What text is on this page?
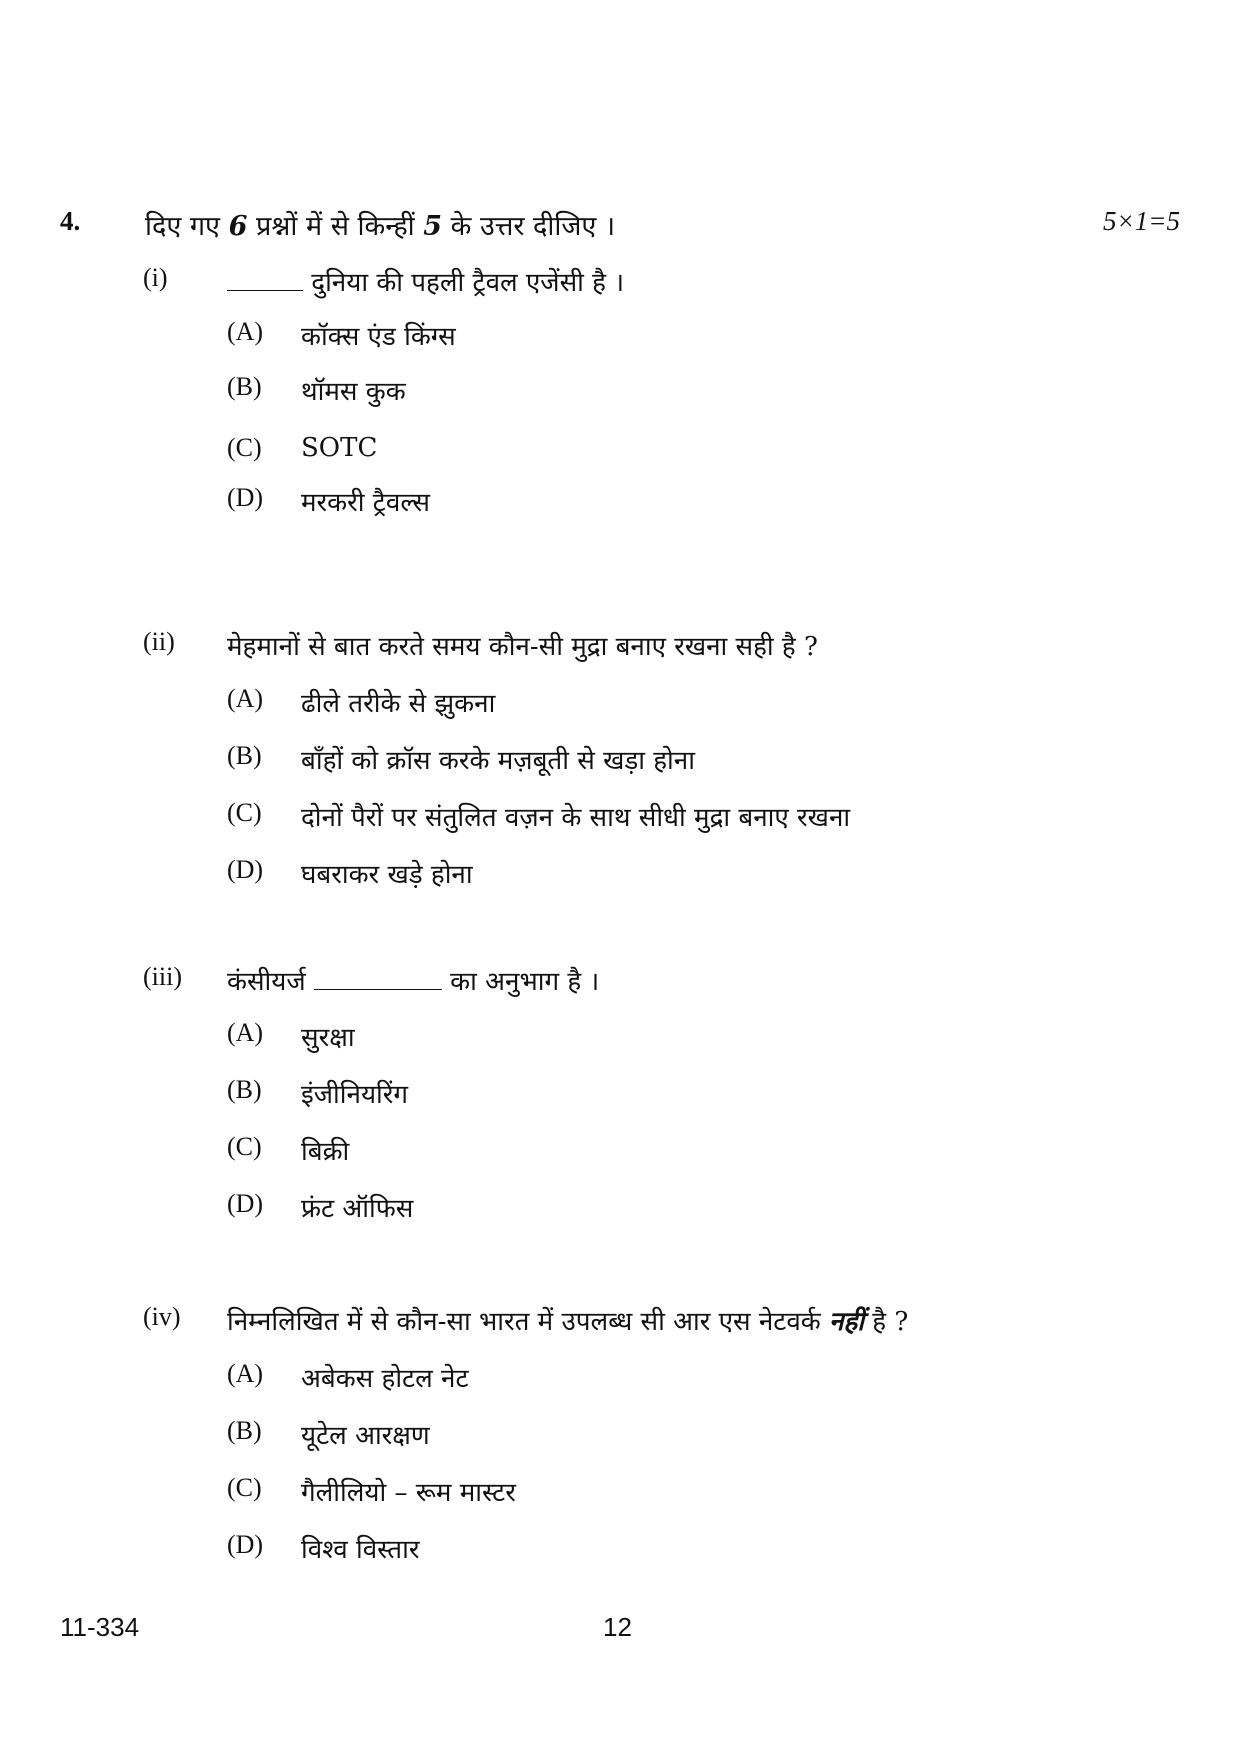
4. दिए गए 6 प्रश्नों में से किन्हीं 5 के उत्तर दीजिए ।	5×1=5
(i)	दुनिया की पहली ट्रैवल एजेंसी है ।
(A) कॉक्स एंड किंग्स
(B) थॉमस कुक
(C) SOTC
(D) मरकरी ट्रैवल्स
(ii) मेहमानों से बात करते समय कौन-सी मुद्रा बनाए रखना सही है ?
(A) ढीले तरीके से झुकना
(B) बाँहों को क्रॉस करके मज़बूती से खड़ा होना
(C) दोनों पैरों पर संतुलित वज़न के साथ सीधी मुद्रा बनाए रखना
(D) घबराकर खड़े होना
(iii) कंसीयर्ज	का अनुभाग है ।
(A) सुरक्षा
(B) इंजीनियरिंग
(C) बिक्री
(D) फ्रंट ऑफिस
(iv) निम्नलिखित में से कौन-सा भारत में उपलब्ध सी आर एस नेटवर्क नहीं है ?
(A) अबेकस होटल नेट
(B) यूटेल आरक्षण
(C) गैलीलियो – रूम मास्टर
(D) विश्व विस्तार
11-334	12
